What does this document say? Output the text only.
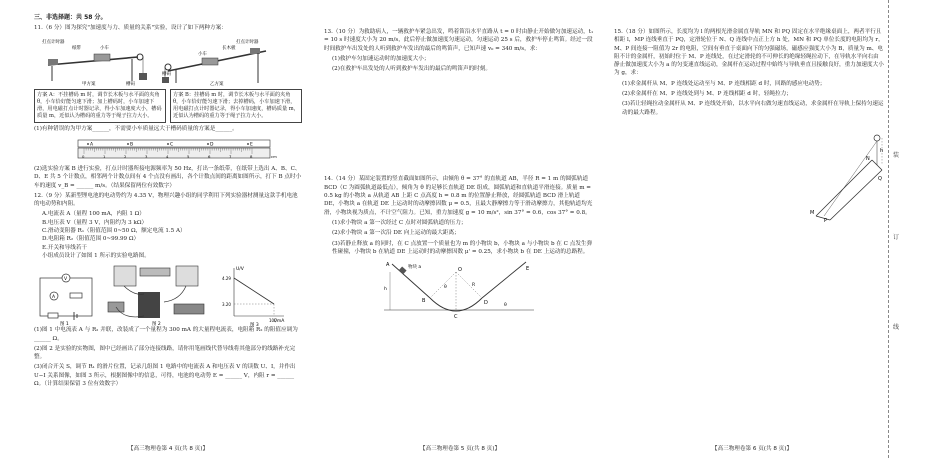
三、非选择题：共 58 分。

11.（6 分）图为探究"加速度与力、质量的关系"实验，设计了如下两种方案：

打点计时器
纸带	小车
槽码
甲方案
打点计时器
长木板
小车
槽码
乙方案
方案 A：不挂槽码 m 时，调节长木板与水平面的夹角 θ，小车恰好能匀速下滑；加上槽码时，小车加速下滑，用电磁打点计时器记录，得小车加速度大小，槽码质量 m，近似认为槽码的重力等于绳子拉力大小。
方案 B：挂槽码 m 时，调节长木板与水平面的夹角 θ，小车恰好能匀速下滑；去掉槽码，小车加速下滑，用电磁打点计时器记录，得小车加速度，槽码质量 m，近似认为槽码的重力等于绳子拉力大小。

(1)有种错误的为甲方案______，不需要小车质量远大于槽码质量的方案是______。

0	1	2	3	4	5	6	7	8	cm
A	B	C	D	E

(2)选实验方案 B 进行实验，打点计时器所接电源频率为 50 Hz，打出一条纸带，在纸带上选出 A、B、C、D、E 共 5 个计数点，相邻两个计数点间有 4 个点没有画出，各个计数点间的距离如图所示，打下 B 点时小车的速度 v_B = ______ m/s。（结果保留两位有效数字）

12.（9 分）某新型锂电池的电动势约为 4.35 V，物理兴趣小组的同学利用下列实验器材测量这款手机电池的电动势和内阻。

A.电流表 A（量程 100 mA，内阻 1 Ω）

B.电压表 V（量程 3 V，内阻约为 3 kΩ）

C.滑动变阻器 R₁（阻值范围 0~50 Ω，额定电流 1.5 A）

D.电阻箱 R₂（阻值范围 0~99.99 Ω）

E.开关和导线若干

小组成员设计了如图 1 所示的实验电路图。

V
A
图 1	图 2
U/V
I/mA
4.29
3.20
100
图 3

(1)图 1 中电流表 A 与 R₂ 并联，改装成了一个量程为 300 mA 的大量程电流表，电阻箱 R₂ 的阻值应调为______ Ω。

(2)图 2 是实验的实物图，图中已经画出了部分连接线路，请你用笔画线代替导线将其他部分的线路补充完整。

(3)闭合开关 S，调节 R₁ 的滑片位置，记录几组图 1 电路中的电流表 A 和电压表 V 的读数 U、I，并作出 U−I 关系图像，如图 3 所示，根据图像中的信息，可得，电池的电动势 E = ______ V，内阻 r = ______ Ω。（计算结果保留 3 位有效数字）

【高三物理卷第 4 页(共 8 页)】

13.（10 分）为救助病人，一辆救护车紧急出发，鸣着笛沿水平直路从 t = 0 时由静止开始做匀加速运动，t₁ = 10 s 时速度大小为 20 m/s，此后停止做加速度匀速运动，匀速运动 25 s 后，救护车停止鸣笛。经过一段时间救护车出发处的人听到救护车发出的最后的鸣笛声，已知声速 v₀ = 340 m/s，求：

(1)救护车匀加速运动时的加速度大小；

(2)在救护车出发处的人听到救护车发出的最后的鸣笛声的时刻。

14.（14 分）某固定装置的竖直截面如图所示，由倾角 θ = 37° 的直轨道 AB，半径 R = 1 m 的圆弧轨道 BCD（C 为圆弧轨道最低点），倾角为 θ 的足够长直轨道 DE 组成，圆弧轨道和直轨道平滑连接。质量 m = 0.5 kg 的小物块 a 从轨道 AB 上距 C 点高度 h = 0.8 m 的位置静止释放，经圆弧轨道 BCD 滑上轨道 DE，小物块 a 在轨道 DE 上运动时的动摩擦因数 μ = 0.5，且最大静摩擦力等于滑动摩擦力，其他轨道均光滑，小物块视为质点，不计空气阻力。已知，重力加速度 g = 10 m/s²，sin 37° = 0.6，cos 37° = 0.8。

(1)求小物块 a 第一次经过 C 点时对圆弧轨道的压力；

(2)求小物块 a 第一次沿 DE 向上运动的最大距离；

(3)若静止释放 a 的同时，在 C 点放置一个质量也为 m 的小物块 b，小物块 a 与小物块 b 在 C 点发生弹性碰撞，小物块 b 在轨道 DE 上运动时的动摩擦因数 μ' = 0.25，求小物块 b 在 DE 上运动的总路程。

A	物块 a
B
θ
C
O
R
D	θ
E
h
【高三物理卷第 5 页(共 8 页)】

15.（18 分）如图所示，长度均为 l 的两根光滑金属直导轨 MN 和 PQ 固定在水平绝缘桌面上，两者平行且相距 l，MP 连线垂直于 PQ，定滑轮位于 N、Q 连线中点正上方 h 处，MN 和 PQ 单位长度的电阻均为 r，M、P 间连接一阻值为 2r 的电阻，空间有垂直于桌面向下的匀强磁场，磁感应强度大小为 B，质量为 m、电阻不计的金属杆，初始时位于 M、P 连线处，在过定滑轮的不可伸长的绝缘轻绳拉动下，在导轨水平向右由静止做加速度大小为 a 的匀变速直线运动，金属杆在运动过程中始终与导轨垂直且接触良好，重力加速度大小为 g，求：

(1)求金属杆从 M、P 连线处运动至与 M、P 连线相距 d 时，回路的感应电动势；

(2)求金属杆在 M、P 连线处到与 M、P 连线相距 d 时，轻绳拉力；

(3)若让轻绳拉动金属杆从 M、P 连线处开始，以水平向右做匀速直线运动，求金属杆在导轨上保持匀速运动的最大路程。

h
M
N
P
Q
【高三物理卷第 6 页(共 8 页)】
装
订
线
